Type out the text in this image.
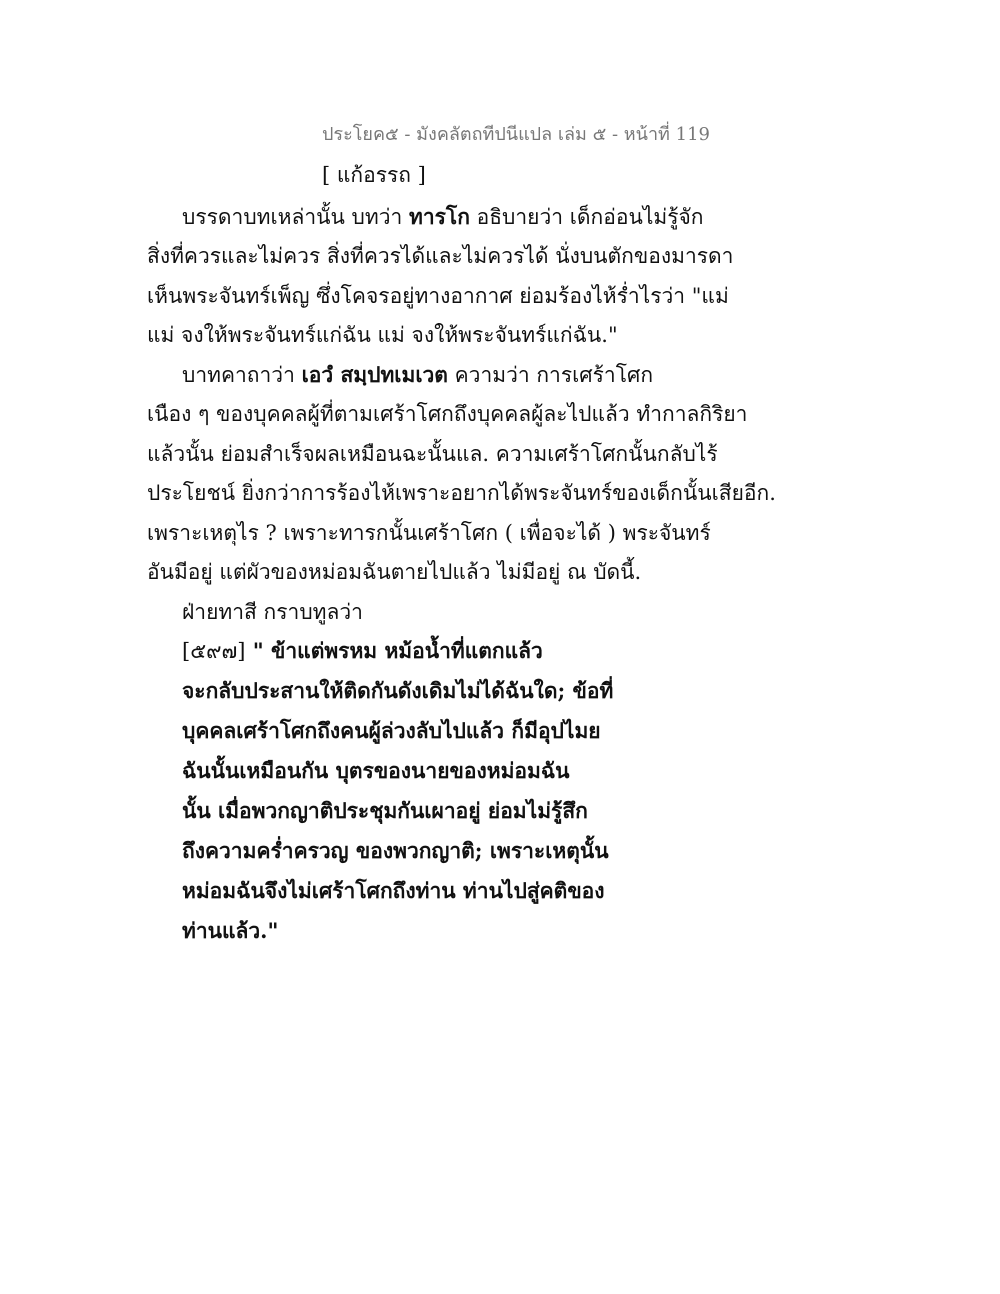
ประโยค๕ - มังคลัตถทีปนีแปล เล่ม ๕ - หน้าที่ 119
[ แก้อรรถ ]
บรรดาบทเหล่านั้น บทว่า ทารโก อธิบายว่า เด็กอ่อนไม่รู้จัก
สิ่งที่ควรและไม่ควร สิ่งที่ควรได้และไม่ควรได้ นั่งบนตักของมารดา
เห็นพระจันทร์เพ็ญ ซึ่งโคจรอยู่ทางอากาศ ย่อมร้องไห้ร่ำไรว่า "แม่
แม่ จงให้พระจันทร์แก่ฉัน แม่ จงให้พระจันทร์แก่ฉัน."
บาทคาถาว่า เอวํ สมฺปทเมเวต ความว่า การเศร้าโศก
เนือง ๆ ของบุคคลผู้ที่ตามเศร้าโศกถึงบุคคลผู้ละไปแล้ว ทำกาลกิริยา
แล้วนั้น ย่อมสำเร็จผลเหมือนฉะนั้นแล. ความเศร้าโศกนั้นกลับไร้
ประโยชน์ ยิ่งกว่าการร้องไห้เพราะอยากได้พระจันทร์ของเด็กนั้นเสียอีก.
เพราะเหตุไร ? เพราะทารกนั้นเศร้าโศก ( เพื่อจะได้ ) พระจันทร์
อันมีอยู่ แต่ผัวของหม่อมฉันตายไปแล้ว ไม่มีอยู่ ณ บัดนี้.
ฝ่ายทาสี กราบทูลว่า
[๕๙๗] " ข้าแต่พรหม หม้อน้ำที่แตกแล้ว
จะกลับประสานให้ติดกันดังเดิมไม่ได้ฉันใด; ข้อที่
บุคคลเศร้าโศกถึงคนผู้ล่วงลับไปแล้ว ก็มีอุปไมย
ฉันนั้นเหมือนกัน บุตรของนายของหม่อมฉัน
นั้น เมื่อพวกญาติประชุมกันเผาอยู่ ย่อมไม่รู้สึก
ถึงความคร่ำครวญ ของพวกญาติ; เพราะเหตุนั้น
หม่อมฉันจึงไม่เศร้าโศกถึงท่าน ท่านไปสู่คติของ
ท่านแล้ว."
